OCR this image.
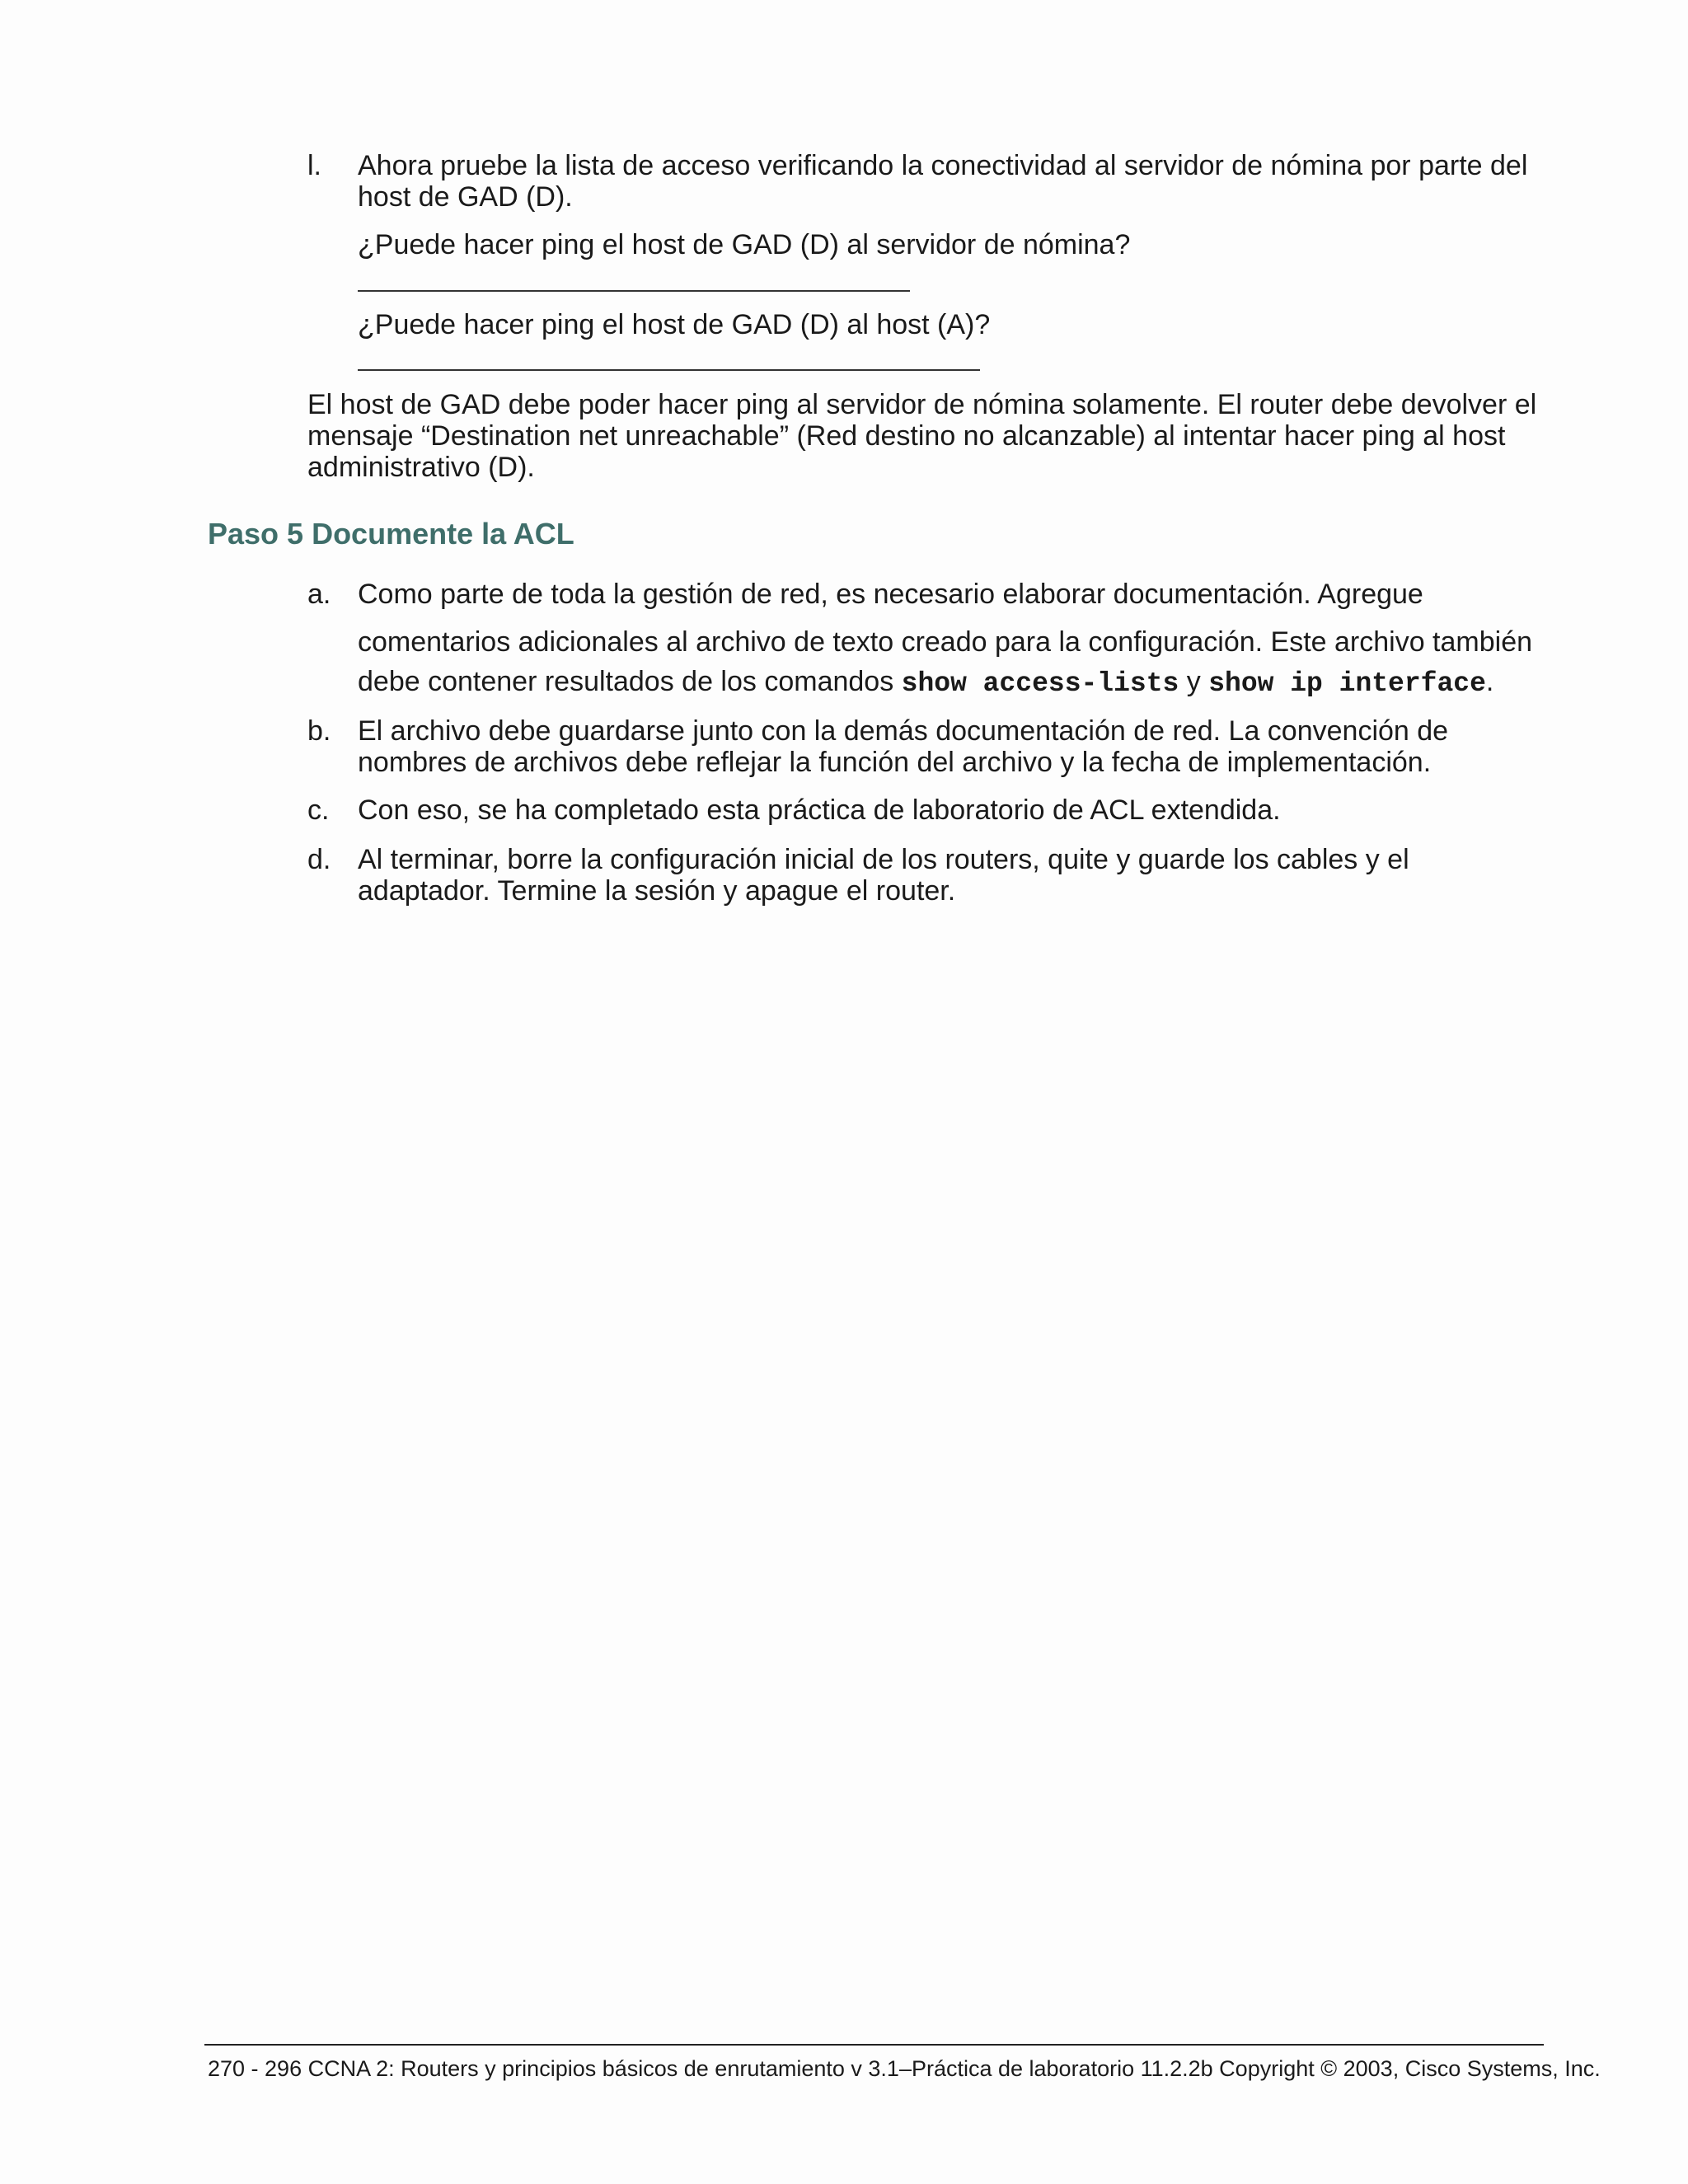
l. Ahora pruebe la lista de acceso verificando la conectividad al servidor de nómina por parte del host de GAD (D).

¿Puede hacer ping el host de GAD (D) al servidor de nómina?

¿Puede hacer ping el host de GAD (D) al host (A)?

El host de GAD debe poder hacer ping al servidor de nómina solamente. El router debe devolver el mensaje “Destination net unreachable” (Red destino no alcanzable) al intentar hacer ping al host administrativo (D).

Paso 5 Documente la ACL
a. Como parte de toda la gestión de red, es necesario elaborar documentación. Agregue

comentarios adicionales al archivo de texto creado para la configuración. Este archivo también

debe contener resultados de los comandos show access-lists y show ip interface.

b. El archivo debe guardarse junto con la demás documentación de red. La convención de nombres de archivos debe reflejar la función del archivo y la fecha de implementación.

c. Con eso, se ha completado esta práctica de laboratorio de ACL extendida.

d. Al terminar, borre la configuración inicial de los routers, quite y guarde los cables y el adaptador. Termine la sesión y apague el router.

270 - 296 CCNA 2: Routers y principios básicos de enrutamiento v 3.1–Práctica de laboratorio 11.2.2b Copyright © 2003, Cisco Systems, Inc.
